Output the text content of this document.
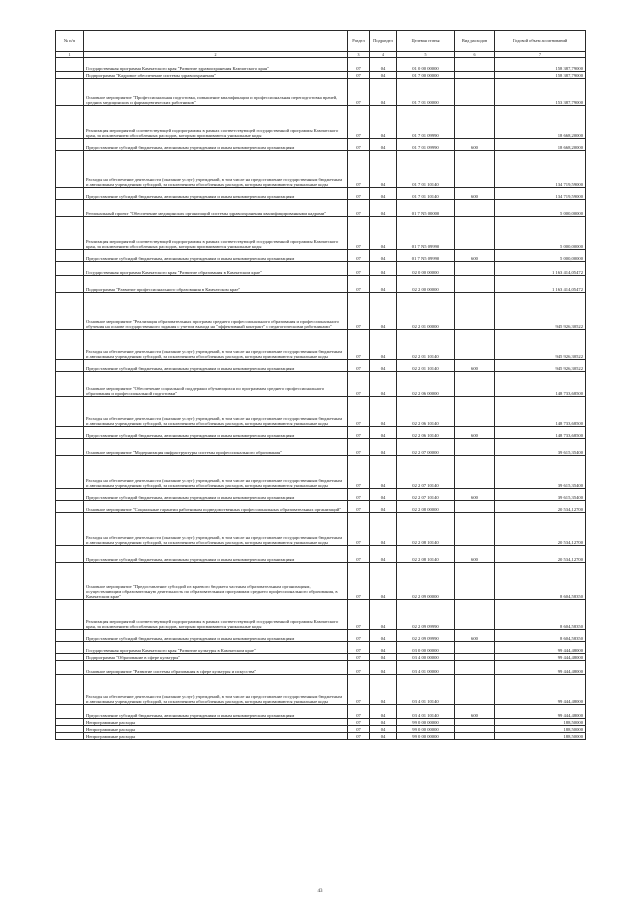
№ п/п		Раздел	Подраздел	Целевая статья	Вид расходов	Годовой объем ассигнований
1	2	3	4	5	6	7
	Государственная программа Камчатского края "Развитие здравоохранения Камчатского края"	07	04	01 0 00 00000		158 387,79000
	Подпрограмма "Кадровое обеспечение системы здравоохранения"	07	04	01 7 00 00000		158 387,79000
	Основное мероприятие "Профессиональная подготовка, повышение квалификации и профессиональная переподготовка врачей, средних медицинских и фармацевтических работников"	07	04	01 7 01 00000		153 387,79000
	Реализация мероприятий соответствующей подпрограммы в рамках соответствующей государственной программы Камчатского края, за исключением обособленных расходов, которым присваиваются уникальные коды	07	04	01 7 01 09990		18 668,20000
	Предоставление субсидий бюджетным, автономным учреждениям и иным некоммерческим организациям	07	04	01 7 01 09990	600	18 668,20000
	Расходы на обеспечение деятельности (оказание услуг) учреждений, в том числе на предоставление государственным бюджетным и автономным учреждениям субсидий, за исключением обособленных расходов, которым присваиваются уникальные коды	07	04	01 7 01 10140		134 719,59000
	Предоставление субсидий бюджетным, автономным учреждениям и иным некоммерческим организациям	07	04	01 7 01 10140	600	134 719,59000
	Региональный проект "Обеспечение медицинских организаций системы здравоохранения квалифицированными кадрами"	07	04	01 7 N5 00000		5 000,00000
	Реализация мероприятий соответствующей подпрограммы в рамках соответствующей государственной программы Камчатского края, за исключением обособленных расходов, которым присваиваются уникальные коды	07	04	01 7 N5 09990		5 000,00000
	Предоставление субсидий бюджетным, автономным учреждениям и иным некоммерческим организациям	07	04	01 7 N5 09990	600	5 000,00000
	Государственная программа Камчатского края "Развитие образования в Камчатском крае"	07	04	02 0 00 00000		1 163 414,05472
	Подпрограмма "Развитие профессионального образования в Камчатском крае"	07	04	02 2 00 00000		1 163 414,05472
	Основное мероприятие "Реализация образовательных программ среднего профессионального образования и профессионального обучения на основе государственного задания с учетом выхода на "эффективный контракт" с педагогическими работниками"	07	04	02 2 01 00000		945 926,30522
	Расходы на обеспечение деятельности (оказание услуг) учреждений, в том числе на предоставление государственным бюджетным и автономным учреждениям субсидий, за исключением обособленных расходов, которым присваиваются уникальные коды	07	04	02 2 01 10140		945 926,30522
	Предоставление субсидий бюджетным, автономным учреждениям и иным некоммерческим организациям	07	04	02 2 01 10140	600	945 926,30522
	Основное мероприятие "Обеспечение социальной поддержки обучающихся по программам среднего профессионального образования и профессиональной подготовки"	07	04	02 2 06 00000		148 733,68500
	Расходы на обеспечение деятельности (оказание услуг) учреждений, в том числе на предоставление государственным бюджетным и автономным учреждениям субсидий, за исключением обособленных расходов, которым присваиваются уникальные коды	07	04	02 2 06 10140		148 733,68500
	Предоставление субсидий бюджетным, автономным учреждениям и иным некоммерческим организациям	07	04	02 2 06 10140	600	148 733,68500
	Основное мероприятие "Модернизация инфраструктуры системы профессионального образования"	07	04	02 2 07 00000		39 615,35400
	Расходы на обеспечение деятельности (оказание услуг) учреждений, в том числе на предоставление государственным бюджетным и автономным учреждениям субсидий, за исключением обособленных расходов, которым присваиваются уникальные коды	07	04	02 2 07 10140		39 615,35400
	Предоставление субсидий бюджетным, автономным учреждениям и иным некоммерческим организациям	07	04	02 2 07 10140	600	39 615,35400
	Основное мероприятие "Социальные гарантии работникам подведомственных профессиональных образовательных организаций"	07	04	02 2 08 00000		20 534,12700
	Расходы на обеспечение деятельности (оказание услуг) учреждений, в том числе на предоставление государственным бюджетным и автономным учреждениям субсидий, за исключением обособленных расходов, которым присваиваются уникальные коды	07	04	02 2 08 10140		20 534,12700
	Предоставление субсидий бюджетным, автономным учреждениям и иным некоммерческим организациям	07	04	02 2 08 10140	600	20 534,12700
	Основное мероприятие "Предоставление субсидий из краевого бюджета частным образовательным организациям, осуществляющим образовательную деятельность по образовательным программам среднего профессионального образования, в Камчатском крае"	07	04	02 2 09 00000		8 604,58350
	Реализация мероприятий соответствующей подпрограммы в рамках соответствующей государственной программы Камчатского края, за исключением обособленных расходов, которым присваиваются уникальные коды	07	04	02 2 09 09990		8 604,58350
	Предоставление субсидий бюджетным, автономным учреждениям и иным некоммерческим организациям	07	04	02 2 09 09990	600	8 604,58350
	Государственная программа Камчатского края "Развитие культуры в Камчатском крае"	07	04	03 0 00 00000		99 444,48000
	Подпрограмма "Образование в сфере культуры"	07	04	03 4 00 00000		99 444,48000
	Основное мероприятие "Развитие системы образования в сфере культуры и искусства"	07	04	03 4 01 00000		99 444,48000
	Расходы на обеспечение деятельности (оказание услуг) учреждений, в том числе на предоставление государственным бюджетным и автономным учреждениям субсидий, за исключением обособленных расходов, которым присваиваются уникальные коды	07	04	03 4 01 10140		99 444,48000
	Предоставление субсидий бюджетным, автономным учреждениям и иным некоммерческим организациям	07	04	03 4 01 10140	600	99 444,48000
	Непрограммные расходы	07	04	99 0 00 00000		188,50000
	Непрограммные расходы	07	04	99 0 00 00000		188,50000
	Непрограммные расходы	07	04	99 0 00 00000		188,50000
43
